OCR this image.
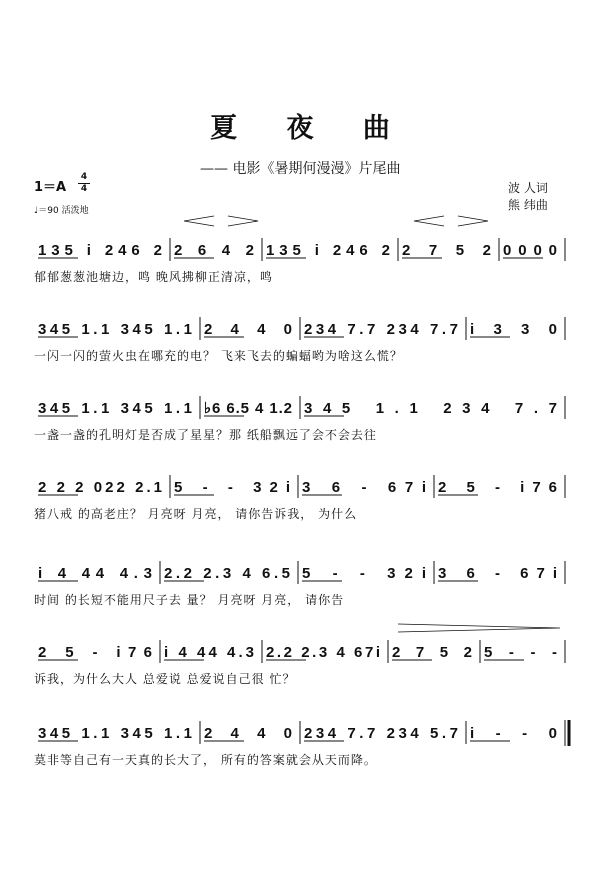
夏 夜 曲
—— 电影《暑期何漫漫》片尾曲
1＝A
4
4
♩＝90 活泼地
波 人词
熊 纬曲
135 i 246 2 2 6 4 2 135 i 246 2 2 7 5 2 0 0 0 0
郁郁葱葱池塘边，鸣 晚风拂柳正清凉，鸣
345 1.1 345 1.1 2 4 4 0 234 7.7 234 7.7 i 3 3 0
一闪一闪的萤火虫在哪充的电？ 飞来飞去的蝙蝠哟为啥这么慌？
345 1.1 345 1.1 ♭6 6.5 4 1.2 345 1.1 234 7.7
一盏一盏的孔明灯是否成了星星？那 纸船飘远了会不会去往
2 2 2 022 2.1 5 - - 32i 3 6 - 67i 2 5 - i76
猪八戒 的高老庄？ 月亮呀 月亮， 请你告诉我， 为什么
i 4 44 4.3 2.2 2.3 4 6.5 5 - - 32i 3 6 - 67i
时间 的长短不能用尺子去 量？ 月亮呀 月亮， 请你告
2 5 - i76 i 4 44 4.3 2.2 2.3 4 67i 2 7 5 2 5 - - -
诉我，为什么大人 总爱说 总爱说自己很 忙？
345 1.1 345 1.1 2 4 4 0 234 7.7 234 5.7 i - - 0
莫非等自己有一天真的长大了， 所有的答案就会从天而降。
